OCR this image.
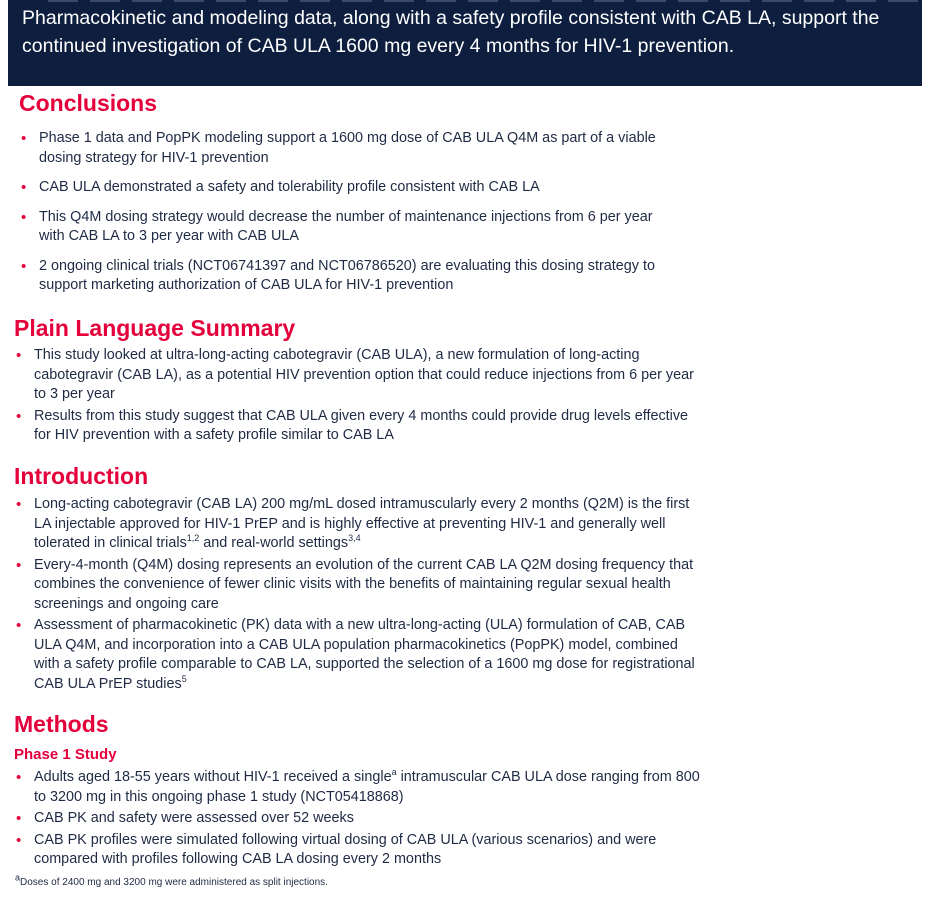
Pharmacokinetic and modeling data, along with a safety profile consistent with CAB LA, support the continued investigation of CAB ULA 1600 mg every 4 months for HIV-1 prevention.
Conclusions
• Phase 1 data and PopPK modeling support a 1600 mg dose of CAB ULA Q4M as part of a viable dosing strategy for HIV-1 prevention
• CAB ULA demonstrated a safety and tolerability profile consistent with CAB LA
• This Q4M dosing strategy would decrease the number of maintenance injections from 6 per year with CAB LA to 3 per year with CAB ULA
• 2 ongoing clinical trials (NCT06741397 and NCT06786520) are evaluating this dosing strategy to support marketing authorization of CAB ULA for HIV-1 prevention
Plain Language Summary
• This study looked at ultra-long-acting cabotegravir (CAB ULA), a new formulation of long-acting cabotegravir (CAB LA), as a potential HIV prevention option that could reduce injections from 6 per year to 3 per year
• Results from this study suggest that CAB ULA given every 4 months could provide drug levels effective for HIV prevention with a safety profile similar to CAB LA
Introduction
• Long-acting cabotegravir (CAB LA) 200 mg/mL dosed intramuscularly every 2 months (Q2M) is the first LA injectable approved for HIV-1 PrEP and is highly effective at preventing HIV-1 and generally well tolerated in clinical trials$^{1,2}$ and real-world settings$^{3,4}$
• Every-4-month (Q4M) dosing represents an evolution of the current CAB LA Q2M dosing frequency that combines the convenience of fewer clinic visits with the benefits of maintaining regular sexual health screenings and ongoing care
• Assessment of pharmacokinetic (PK) data with a new ultra-long-acting (ULA) formulation of CAB, CAB ULA Q4M, and incorporation into a CAB ULA population pharmacokinetics (PopPK) model, combined with a safety profile comparable to CAB LA, supported the selection of a 1600 mg dose for registrational CAB ULA PrEP studies$^5$
Methods
Phase 1 Study
• Adults aged 18-55 years without HIV-1 received a single$^a$ intramuscular CAB ULA dose ranging from 800 to 3200 mg in this ongoing phase 1 study (NCT05418868)
• CAB PK and safety were assessed over 52 weeks
• CAB PK profiles were simulated following virtual dosing of CAB ULA (various scenarios) and were compared with profiles following CAB LA dosing every 2 months
$^a$Doses of 2400 mg and 3200 mg were administered as split injections.
